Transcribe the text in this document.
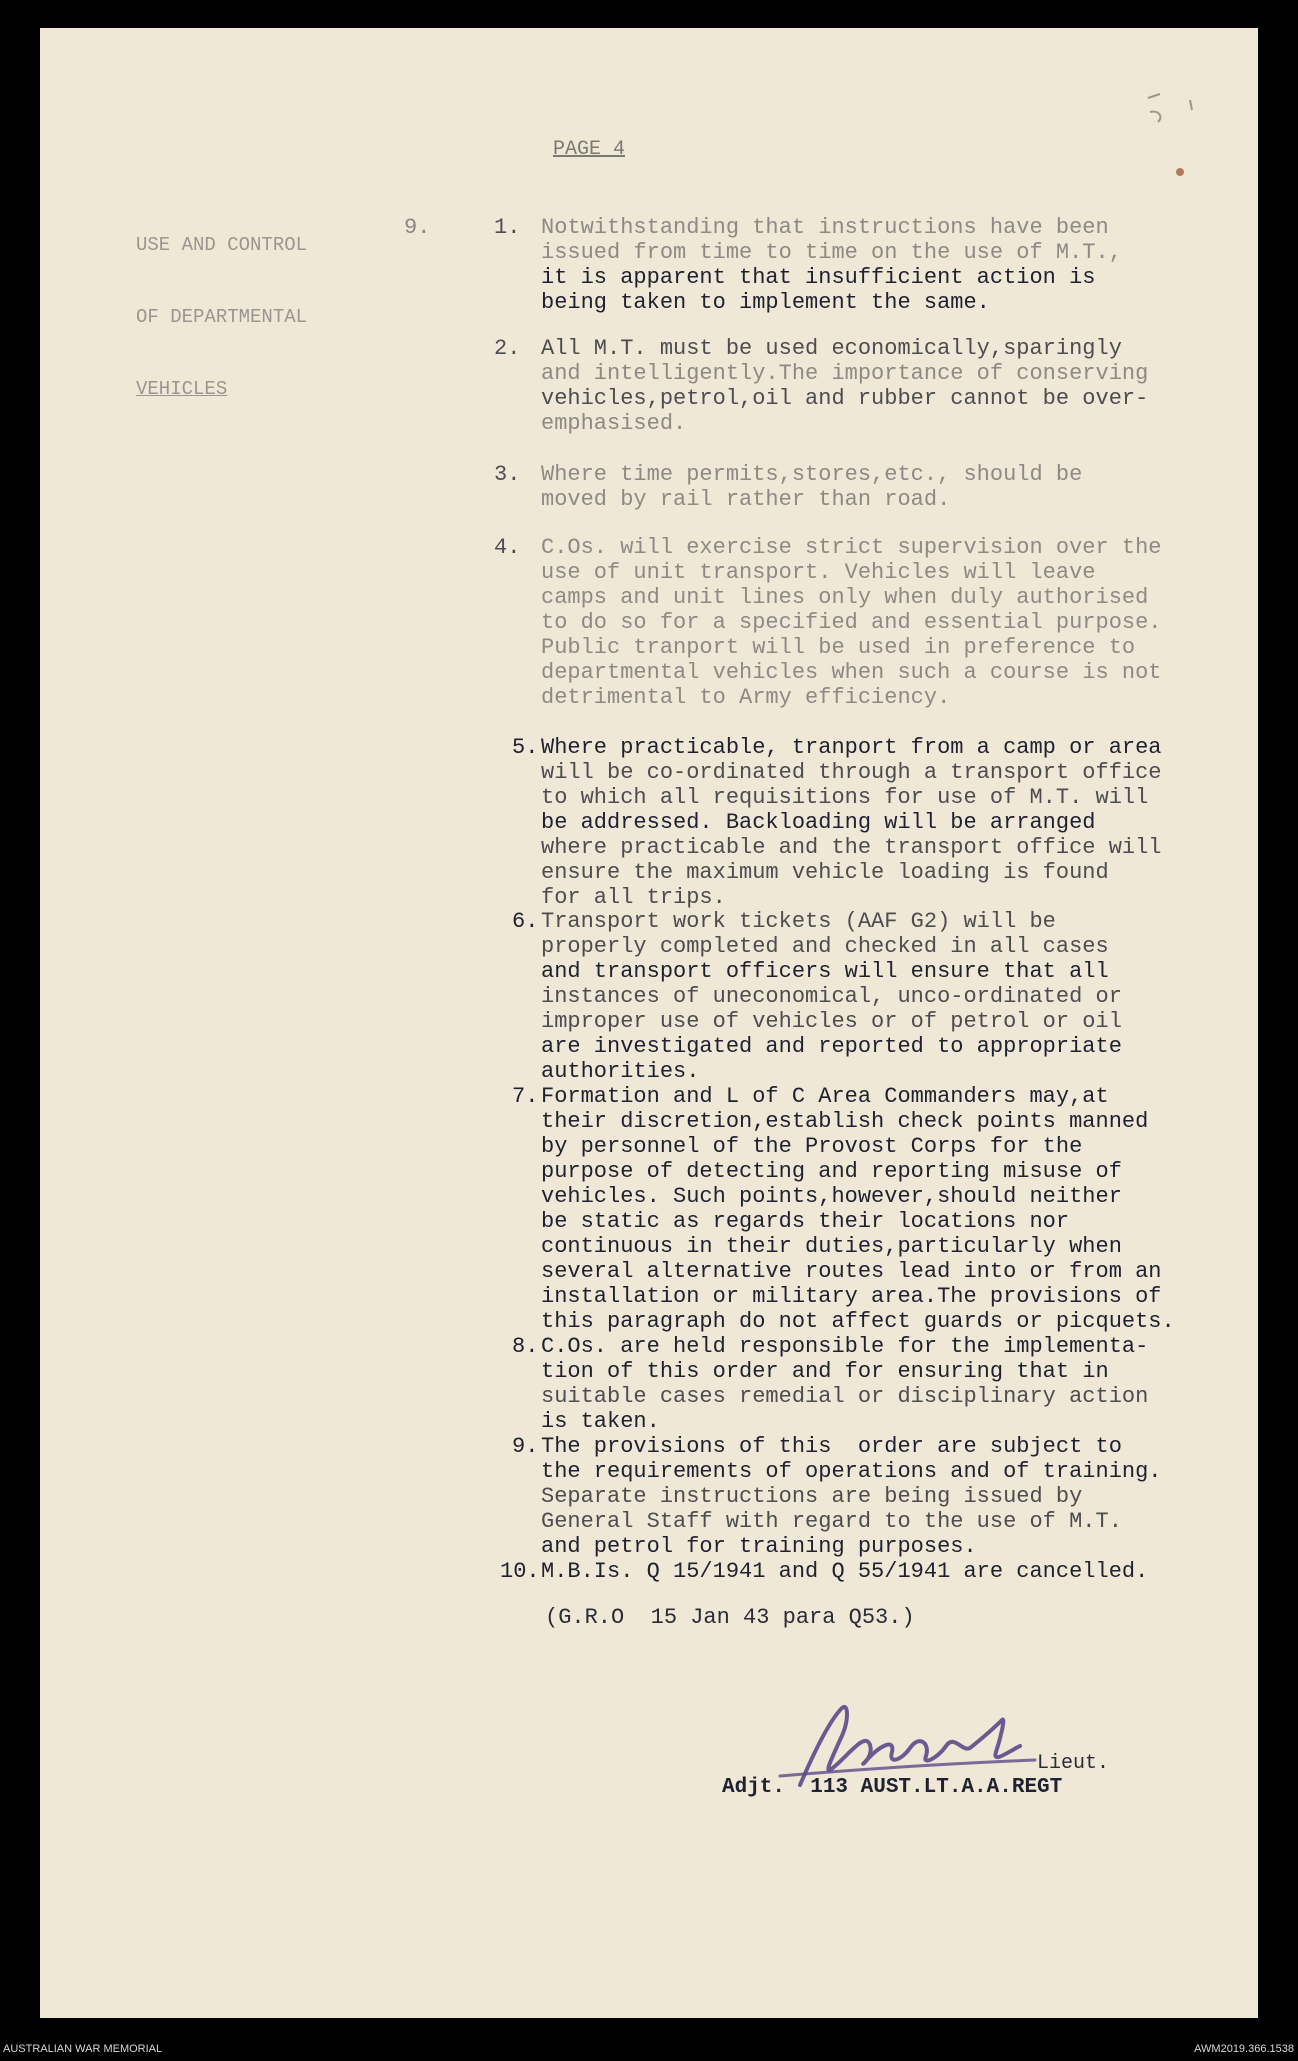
PAGE 4

USE AND CONTROL

OF DEPARTMENTAL

VEHICLES

9.	1. Notwithstanding that instructions have been
issued from time to time on the use of M.T.,
it is apparent that insufficient action is
being taken to implement the same.
2. All M.T. must be used economically,sparingly
and intelligently.The importance of conserving
vehicles,petrol,oil and rubber cannot be over-
emphasised.
3. Where time permits,stores,etc., should be
moved by rail rather than road.
4. C.Os. will exercise strict supervision over the
use of unit transport. Vehicles will leave
camps and unit lines only when duly authorised
to do so for a specified and essential purpose.
Public tranport will be used in preference to
departmental vehicles when such a course is not
detrimental to Army efficiency.
5. Where practicable, tranport from a camp or area
will be co-ordinated through a transport office
to which all requisitions for use of M.T. will
be addressed. Backloading will be arranged
where practicable and the transport office will
ensure the maximum vehicle loading is found
for all trips.
6. Transport work tickets (AAF G2) will be
properly completed and checked in all cases
and transport officers will ensure that all
instances of uneconomical, unco-ordinated or
improper use of vehicles or of petrol or oil
are investigated and reported to appropriate
authorities.
7. Formation and L of C Area Commanders may,at
their discretion,establish check points manned
by personnel of the Provost Corps for the
purpose of detecting and reporting misuse of
vehicles. Such points,however,should neither
be static as regards their locations nor
continuous in their duties,particularly when
several alternative routes lead into or from an
installation or military area.The provisions of
this paragraph do not affect guards or picquets.
8. C.Os. are held responsible for the implementa-
tion of this order and for ensuring that in
suitable cases remedial or disciplinary action
is taken.
9. The provisions of this  order are subject to
the requirements of operations and of training.
Separate instructions are being issued by
General Staff with regard to the use of M.T.
and petrol for training purposes.
10. M.B.Is. Q 15/1941 and Q 55/1941 are cancelled.
(G.R.O  15 Jan 43 para Q53.)
Lieut.
Adjt.  113 AUST.LT.A.A.REGT
AUSTRALIAN WAR MEMORIAL	AWM2019.366.1538
